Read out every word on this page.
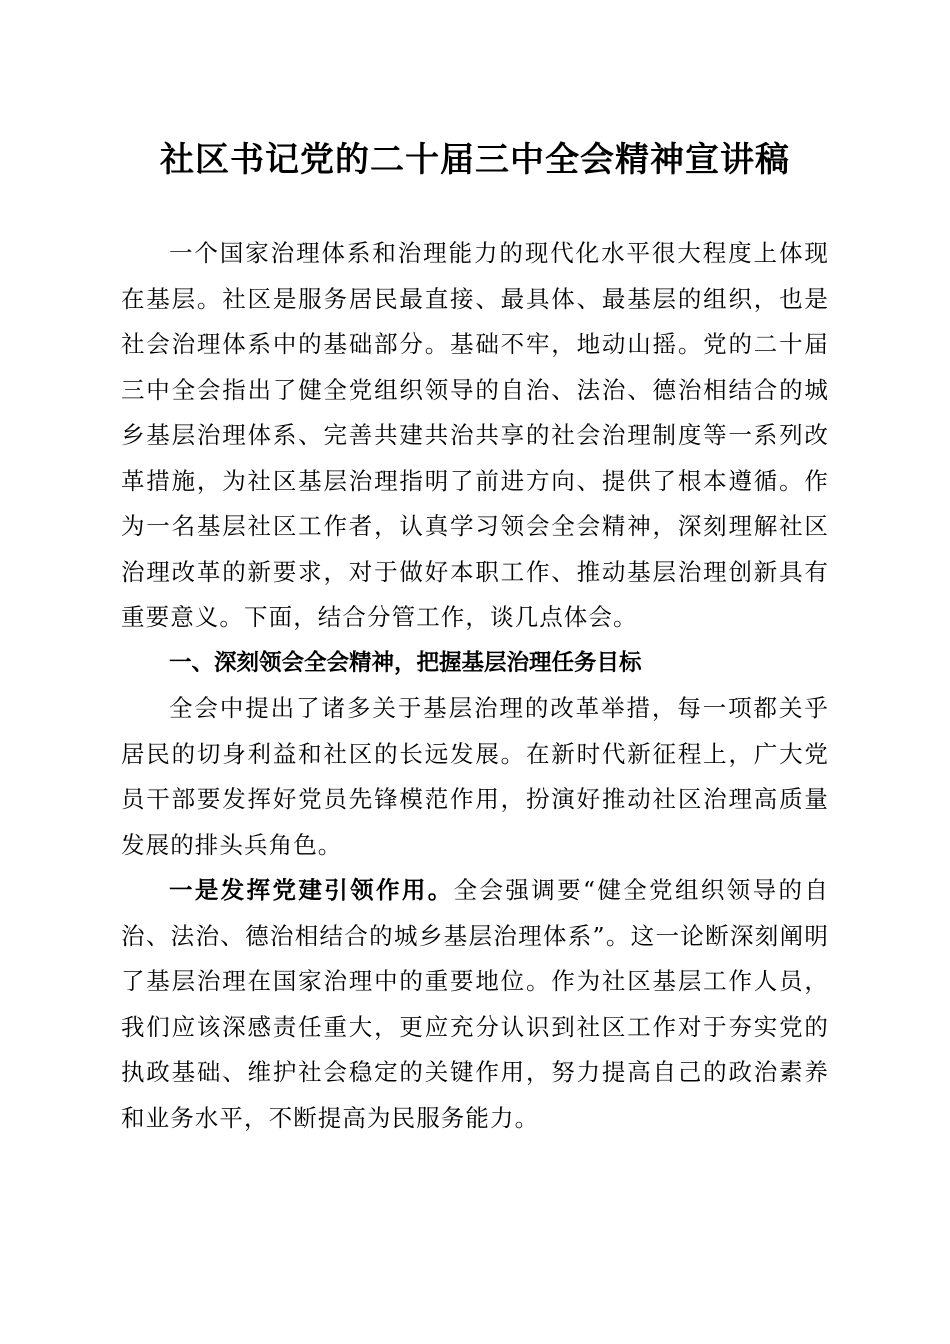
社区书记党的二十届三中全会精神宣讲稿

一个国家治理体系和治理能力的现代化水平很大程度上体现在基层。社区是服务居民最直接、最具体、最基层的组织，也是社会治理体系中的基础部分。基础不牢，地动山摇。党的二十届三中全会指出了健全党组织领导的自治、法治、德治相结合的城乡基层治理体系、完善共建共治共享的社会治理制度等一系列改革措施，为社区基层治理指明了前进方向、提供了根本遵循。作为一名基层社区工作者，认真学习领会全会精神，深刻理解社区治理改革的新要求，对于做好本职工作、推动基层治理创新具有重要意义。下面，结合分管工作，谈几点体会。

一、深刻领会全会精神，把握基层治理任务目标

全会中提出了诸多关于基层治理的改革举措，每一项都关乎居民的切身利益和社区的长远发展。在新时代新征程上，广大党员干部要发挥好党员先锋模范作用，扮演好推动社区治理高质量发展的排头兵角色。

一是发挥党建引领作用。全会强调要“健全党组织领导的自治、法治、德治相结合的城乡基层治理体系”。这一论断深刻阐明了基层治理在国家治理中的重要地位。作为社区基层工作人员，我们应该深感责任重大，更应充分认识到社区工作对于夯实党的执政基础、维护社会稳定的关键作用，努力提高自己的政治素养和业务水平，不断提高为民服务能力。
